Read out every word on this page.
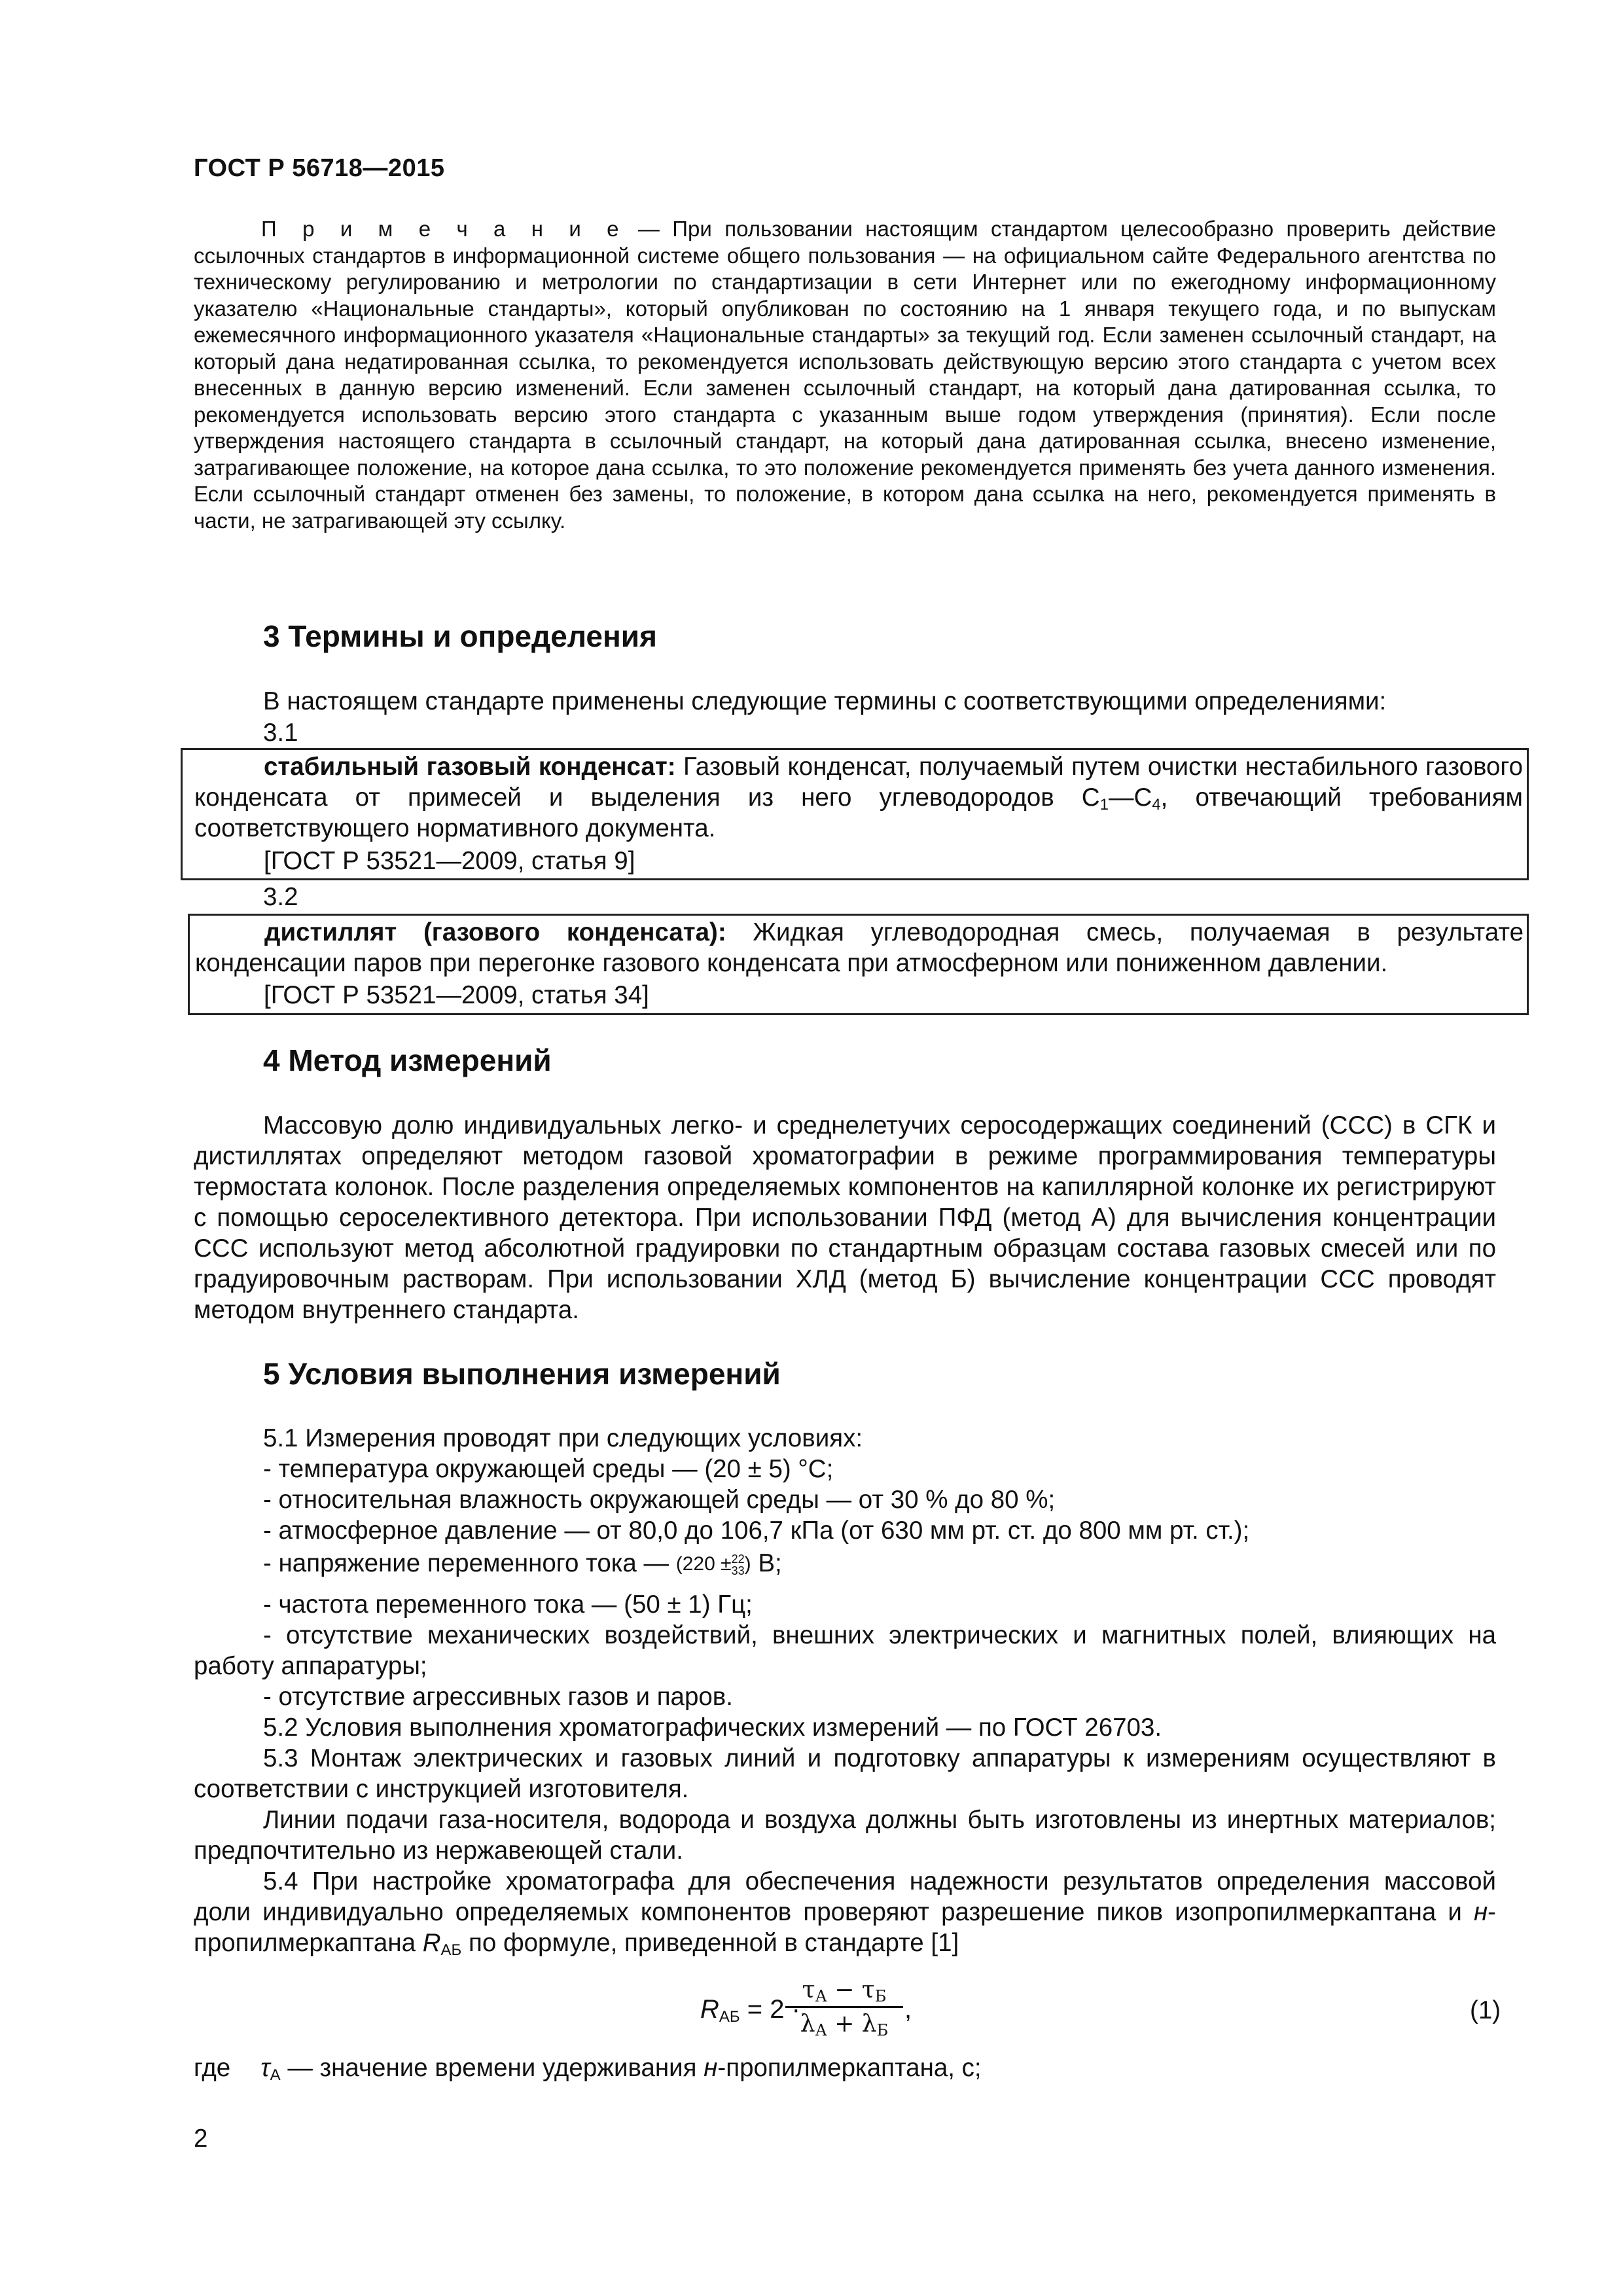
ГОСТ Р 56718—2015
П р и м е ч а н и е — При пользовании настоящим стандартом целесообразно проверить действие ссылочных стандартов в информационной системе общего пользования — на официальном сайте Федерального агентства по техническому регулированию и метрологии по стандартизации в сети Интернет или по ежегодному информационному указателю «Национальные стандарты», который опубликован по состоянию на 1 января текущего года, и по выпускам ежемесячного информационного указателя «Национальные стандарты» за текущий год. Если заменен ссылочный стандарт, на который дана недатированная ссылка, то рекомендуется использовать действующую версию этого стандарта с учетом всех внесенных в данную версию изменений. Если заменен ссылочный стандарт, на который дана датированная ссылка, то рекомендуется использовать версию этого стандарта с указанным выше годом утверждения (принятия). Если после утверждения настоящего стандарта в ссылочный стандарт, на который дана датированная ссылка, внесено изменение, затрагивающее положение, на которое дана ссылка, то это положение рекомендуется применять без учета данного изменения. Если ссылочный стандарт отменен без замены, то положение, в котором дана ссылка на него, рекомендуется применять в части, не затрагивающей эту ссылку.
3 Термины и определения
В настоящем стандарте применены следующие термины с соответствующими определениями:
3.1
стабильный газовый конденсат: Газовый конденсат, получаемый путем очистки нестабильного газового конденсата от примесей и выделения из него углеводородов $С_1—С_4$, отвечающий требованиям соответствующего нормативного документа.
[ГОСТ Р 53521—2009, статья 9]
3.2
дистиллят (газового конденсата): Жидкая углеводородная смесь, получаемая в результате конденсации паров при перегонке газового конденсата при атмосферном или пониженном давлении.
[ГОСТ Р 53521—2009, статья 34]
4 Метод измерений
Массовую долю индивидуальных легко- и среднелетучих серосодержащих соединений (ССС) в СГК и дистиллятах определяют методом газовой хроматографии в режиме программирования температуры термостата колонок. После разделения определяемых компонентов на капиллярной колонке их регистрируют с помощью сероселективного детектора. При использовании ПФД (метод А) для вычисления концентрации ССС используют метод абсолютной градуировки по стандартным образцам состава газовых смесей или по градуировочным растворам. При использовании ХЛД (метод Б) вычисление концентрации ССС проводят методом внутреннего стандарта.
5 Условия выполнения измерений
5.1 Измерения проводят при следующих условиях:
- температура окружающей среды — (20 ± 5) °С;
- относительная влажность окружающей среды — от 30 % до 80 %;
- атмосферное давление — от 80,0 до 106,7 кПа (от 630 мм рт. ст. до 800 мм рт. ст.);
- напряжение переменного тока — (220 ±22
33) В;
- частота переменного тока — (50 ± 1) Гц;
- отсутствие механических воздействий, внешних электрических и магнитных полей, влияющих на работу аппаратуры;
- отсутствие агрессивных газов и паров.
5.2 Условия выполнения хроматографических измерений — по ГОСТ 26703.
5.3 Монтаж электрических и газовых линий и подготовку аппаратуры к измерениям осуществляют в соответствии с инструкцией изготовителя.
Линии подачи газа-носителя, водорода и воздуха должны быть изготовлены из инертных материалов; предпочтительно из нержавеющей стали.
5.4 При настройке хроматографа для обеспечения надежности результатов определения массовой доли индивидуально определяемых компонентов проверяют разрешение пиков изопропилмеркаптана и н-пропилмеркаптана $R_{АБ}$ по формуле, приведенной в стандарте [1]
$R_{АБ} = 2$ ·
$\tau_А - \tau_Б$
$\lambda_А + \lambda_Б$
,	(1)
где $\tau_А$ — значение времени удерживания н-пропилмеркаптана, с;
2
